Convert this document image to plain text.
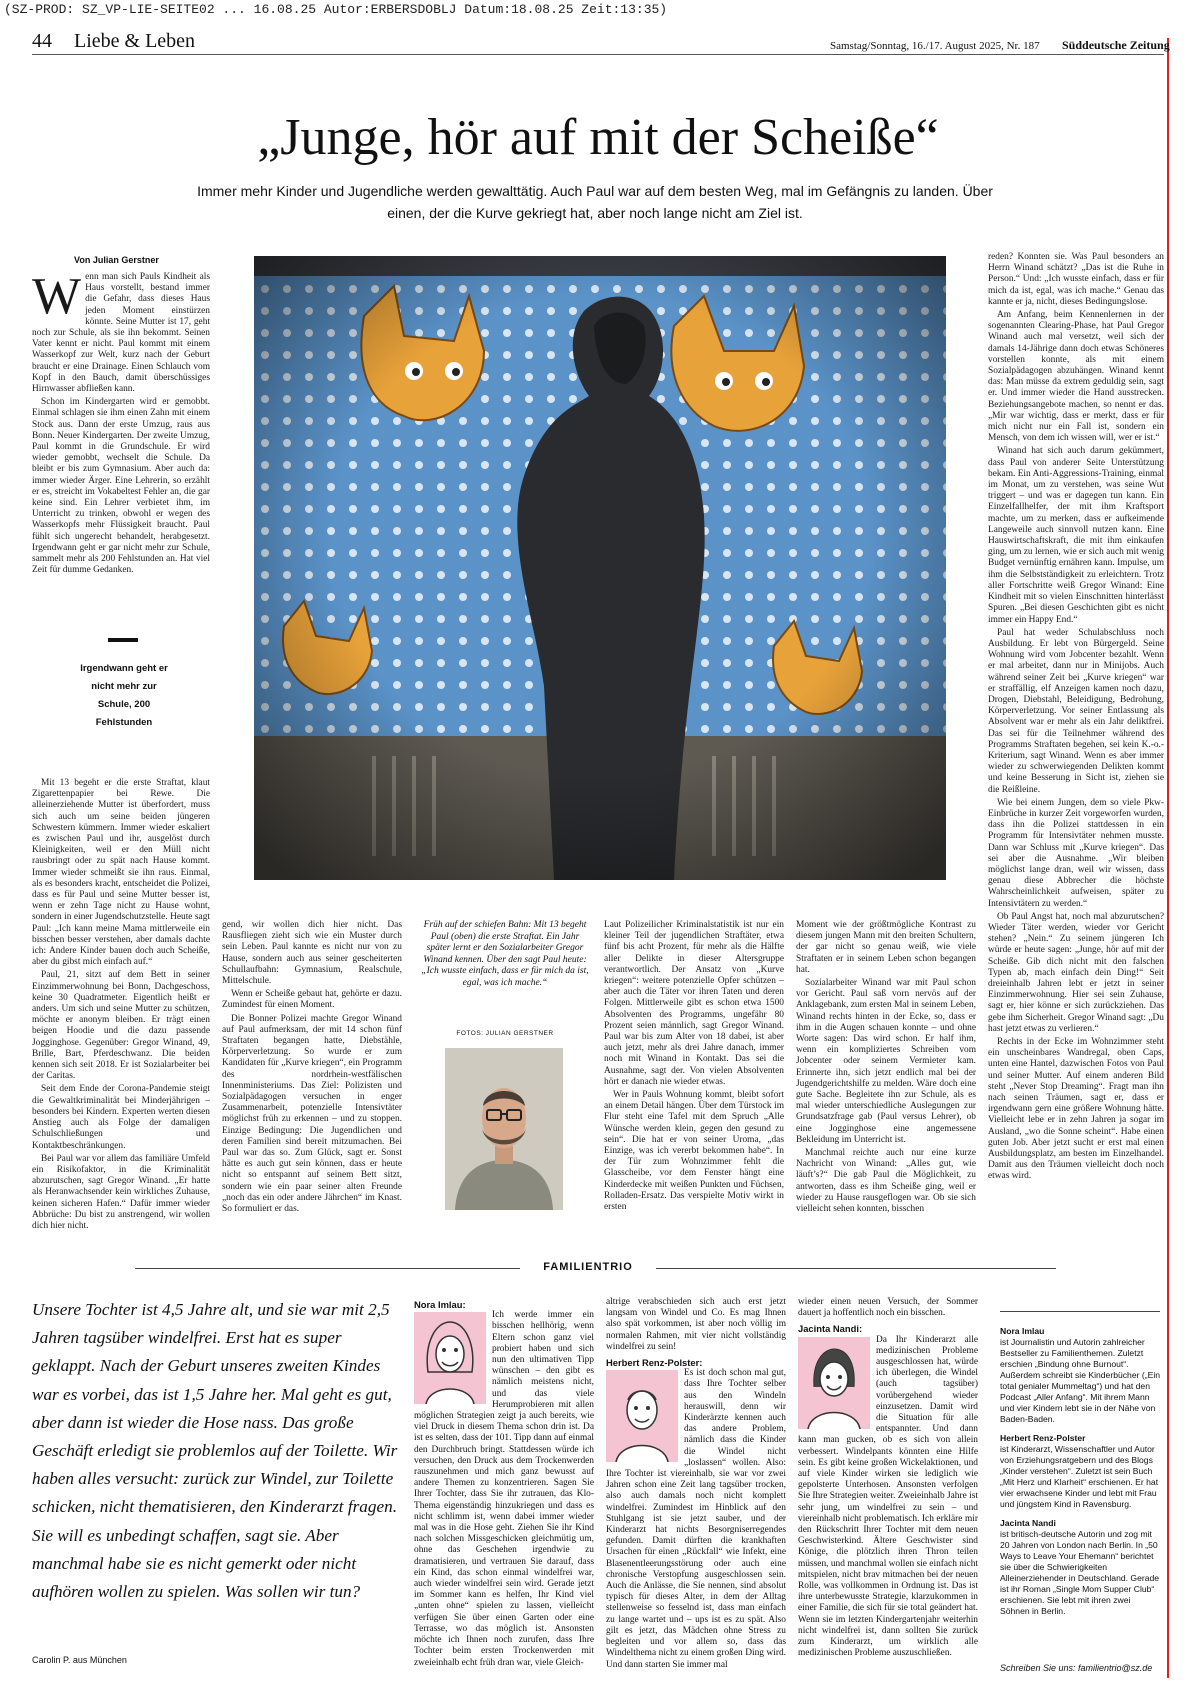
(SZ-PROD: SZ_VP-LIE-SEITE02 ... 16.08.25 Autor:ERBERSDOBLJ Datum:18.08.25 Zeit:13:35)
44 Liebe & Leben	Samstag/Sonntag, 16./17. August 2025, Nr. 187 Süddeutsche Zeitung
„Junge, hör auf mit der Scheiße“
Immer mehr Kinder und Jugendliche werden gewalttätig. Auch Paul war auf dem besten Weg, mal im Gefängnis zu landen. Über einen, der die Kurve gekriegt hat, aber noch lange nicht am Ziel ist.
Von Julian Gerstner

Wenn man sich Pauls Kindheit als Haus vorstellt, bestand immer die Gefahr, dass dieses Haus jeden Moment einstürzen könnte. Seine Mutter ist 17, geht noch zur Schule, als sie ihn bekommt. Seinen Vater kennt er nicht. Paul kommt mit einem Wasserkopf zur Welt, kurz nach der Geburt braucht er eine Drainage. Einen Schlauch vom Kopf in den Bauch, damit überschüssiges Hirnwasser abfließen kann.

Schon im Kindergarten wird er gemobbt. Einmal schlagen sie ihm einen Zahn mit einem Stock aus. Dann der erste Umzug, raus aus Bonn. Neuer Kindergarten. Der zweite Umzug, Paul kommt in die Grundschule. Er wird wieder gemobbt, wechselt die Schule. Da bleibt er bis zum Gymnasium. Aber auch da: immer wieder Ärger. Eine Lehrerin, so erzählt er es, streicht im Vokabeltest Fehler an, die gar keine sind. Ein Lehrer verbietet ihm, im Unterricht zu trinken, obwohl er wegen des Wasserkopfs mehr Flüssigkeit braucht. Paul fühlt sich ungerecht behandelt, herabgesetzt. Irgendwann geht er gar nicht mehr zur Schule, sammelt mehr als 200 Fehlstunden an. Hat viel Zeit für dumme Gedanken.

Irgendwann geht er nicht mehr zur Schule, 200 Fehlstunden

Mit 13 begeht er die erste Straftat, klaut Zigarettenpapier bei Rewe. Die alleinerziehende Mutter ist überfordert, muss sich auch um seine beiden jüngeren Schwestern kümmern. Immer wieder eskaliert es zwischen Paul und ihr, ausgelöst durch Kleinigkeiten, weil er den Müll nicht rausbringt oder zu spät nach Hause kommt. Immer wieder schmeißt sie ihn raus. Einmal, als es besonders kracht, entscheidet die Polizei, dass es für Paul und seine Mutter besser ist, wenn er zehn Tage nicht zu Hause wohnt, sondern in einer Jugendschutzstelle. Heute sagt Paul: „Ich kann meine Mama mittlerweile ein bisschen besser verstehen, aber damals dachte ich: Andere Kinder bauen doch auch Scheiße, aber du gibst mich einfach auf.“

Paul, 21, sitzt auf dem Bett in seiner Einzimmerwohnung bei Bonn, Dachgeschoss, keine 30 Quadratmeter. Eigentlich heißt er anders. Um sich und seine Mutter zu schützen, möchte er anonym bleiben. Er trägt einen beigen Hoodie und die dazu passende Jogginghose. Gegenüber: Gregor Winand, 49, Brille, Bart, Pferdeschwanz. Die beiden kennen sich seit 2018. Er ist Sozialarbeiter bei der Caritas.

Seit dem Ende der Corona-Pandemie steigt die Gewaltkriminalität bei Minderjährigen – besonders bei Kindern. Experten werten diesen Anstieg auch als Folge der damaligen Schulschließungen und Kontaktbeschränkungen.

Bei Paul war vor allem das familiäre Umfeld ein Risikofaktor, in die Kriminalität abzurutschen, sagt Gregor Winand. „Er hatte als Heranwachsender kein wirkliches Zuhause, keinen sicheren Hafen.“ Dafür immer wieder Abbrüche: Du bist zu anstrengend, wir wollen dich hier nicht.

gend, wir wollen dich hier nicht. Das Rausfliegen zieht sich wie ein Muster durch sein Leben. Paul kannte es nicht nur von zu Hause, sondern auch aus seiner gescheiterten Schullaufbahn: Gymnasium, Realschule, Mittelschule.

Wenn er Scheiße gebaut hat, gehörte er dazu. Zumindest für einen Moment.

Die Bonner Polizei machte Gregor Winand auf Paul aufmerksam, der mit 14 schon fünf Straftaten begangen hatte, Diebstähle, Körperverletzung. So wurde er zum Kandidaten für „Kurve kriegen“, ein Programm des nordrhein-westfälischen Innenministeriums. Das Ziel: Polizisten und Sozialpädagogen versuchen in enger Zusammenarbeit, potenzielle Intensivtäter möglichst früh zu erkennen – und zu stoppen. Einzige Bedingung: Die Jugendlichen und deren Familien sind bereit mitzumachen. Bei Paul war das so. Zum Glück, sagt er. Sonst hätte es auch gut sein können, dass er heute nicht so entspannt auf seinem Bett sitzt, sondern wie ein paar seiner alten Freunde „noch das ein oder andere Jährchen“ im Knast. So formuliert er das.

Früh auf der schiefen Bahn: Mit 13 begeht Paul (oben) die erste Straftat. Ein Jahr später lernt er den Sozialarbeiter Gregor Winand kennen. Über den sagt Paul heute: „Ich wusste einfach, dass er für mich da ist, egal, was ich mache.“
FOTOS: JULIAN GERSTNER

Laut Polizeilicher Kriminalstatistik ist nur ein kleiner Teil der jugendlichen Straftäter, etwa fünf bis acht Prozent, für mehr als die Hälfte aller Delikte in dieser Altersgruppe verantwortlich. Der Ansatz von „Kurve kriegen“: weitere potenzielle Opfer schützen – aber auch die Täter vor ihren Taten und deren Folgen. Mittlerweile gibt es schon etwa 1500 Absolventen des Programms, ungefähr 80 Prozent seien männlich, sagt Gregor Winand. Paul war bis zum Alter von 18 dabei, ist aber auch jetzt, mehr als drei Jahre danach, immer noch mit Winand in Kontakt. Das sei die Ausnahme, sagt der. Von vielen Absolventen hört er danach nie wieder etwas.

Wer in Pauls Wohnung kommt, bleibt sofort an einem Detail hängen. Über dem Türstock im Flur steht eine Tafel mit dem Spruch „Alle Wünsche werden klein, gegen den gesund zu sein“. Die hat er von seiner Uroma, „das Einzige, was ich vererbt bekommen habe“. In der Tür zum Wohnzimmer fehlt die Glasscheibe, vor dem Fenster hängt eine Kinderdecke mit weißen Punkten und Füchsen, Rolladen-Ersatz. Das verspielte Motiv wirkt in ersten

Moment wie der größtmögliche Kontrast zu diesem jungen Mann mit den breiten Schultern, der gar nicht so genau weiß, wie viele Straftaten er in seinem Leben schon begangen hat.

Sozialarbeiter Winand war mit Paul schon vor Gericht. Paul saß vorn nervös auf der Anklagebank, zum ersten Mal in seinem Leben, Winand rechts hinten in der Ecke, so, dass er ihm in die Augen schauen konnte – und ohne Worte sagen: Das wird schon. Er half ihm, wenn ein kompliziertes Schreiben vom Jobcenter oder seinem Vermieter kam. Erinnerte ihn, sich jetzt endlich mal bei der Jugendgerichtshilfe zu melden. Wäre doch eine gute Sache. Begleitete ihn zur Schule, als es mal wieder unterschiedliche Auslegungen zur Grundsatzfrage gab (Paul versus Lehrer), ob eine Jogginghose eine angemessene Bekleidung im Unterricht ist.

Manchmal reichte auch nur eine kurze Nachricht von Winand: „Alles gut, wie läuft’s?“ Die gab Paul die Möglichkeit, zu antworten, dass es ihm Scheiße ging, weil er wieder zu Hause rausgeflogen war. Ob sie sich vielleicht sehen konnten, bisschen

reden? Konnten sie. Was Paul besonders an Herrn Winand schätzt? „Das ist die Ruhe in Person.“ Und: „Ich wusste einfach, dass er für mich da ist, egal, was ich mache.“ Genau das kannte er ja, nicht, dieses Bedingungslose.

Am Anfang, beim Kennenlernen in der sogenannten Clearing-Phase, hat Paul Gregor Winand auch mal versetzt, weil sich der damals 14-Jährige dann doch etwas Schöneres vorstellen konnte, als mit einem Sozialpädagogen abzuhängen. Winand kennt das: Man müsse da extrem geduldig sein, sagt er. Und immer wieder die Hand ausstrecken. Beziehungsangebote machen, so nennt er das. „Mir war wichtig, dass er merkt, dass er für mich nicht nur ein Fall ist, sondern ein Mensch, von dem ich wissen will, wer er ist.“

Winand hat sich auch darum gekümmert, dass Paul von anderer Seite Unterstützung bekam. Ein Anti-Aggressions-Training, einmal im Monat, um zu verstehen, was seine Wut triggert – und was er dagegen tun kann. Ein Einzelfallhelfer, der mit ihm Kraftsport machte, um zu merken, dass er aufkeimende Langeweile auch sinnvoll nutzen kann. Eine Hauswirtschaftskraft, die mit ihm einkaufen ging, um zu lernen, wie er sich auch mit wenig Budget vernünftig ernähren kann. Impulse, um ihm die Selbstständigkeit zu erleichtern. Trotz aller Fortschritte weiß Gregor Winand: Eine Kindheit mit so vielen Einschnitten hinterlässt Spuren. „Bei diesen Geschichten gibt es nicht immer ein Happy End.“

Paul hat weder Schulabschluss noch Ausbildung. Er lebt von Bürgergeld. Seine Wohnung wird vom Jobcenter bezahlt. Wenn er mal arbeitet, dann nur in Minijobs. Auch während seiner Zeit bei „Kurve kriegen“ war er straffällig, elf Anzeigen kamen noch dazu, Drogen, Diebstahl, Beleidigung, Bedrohung, Körperverletzung. Vor seiner Entlassung als Absolvent war er mehr als ein Jahr deliktfrei. Das sei für die Teilnehmer während des Programms Straftaten begehen, sei kein K.-o.-Kriterium, sagt Winand. Wenn es aber immer wieder zu schwerwiegenden Delikten kommt und keine Besserung in Sicht ist, ziehen sie die Reißleine.

Wie bei einem Jungen, dem so viele Pkw-Einbrüche in kurzer Zeit vorgeworfen wurden, dass ihn die Polizei stattdessen in ein Programm für Intensivtäter nehmen musste. Dann war Schluss mit „Kurve kriegen“. Das sei aber die Ausnahme. „Wir bleiben möglichst lange dran, weil wir wissen, dass genau diese Abbrecher die höchste Wahrscheinlichkeit aufweisen, später zu Intensivtätern zu werden.“

Ob Paul Angst hat, noch mal abzurutschen? Wieder Täter werden, wieder vor Gericht stehen? „Nein.“ Zu seinem jüngeren Ich würde er heute sagen: „Junge, hör auf mit der Scheiße. Gib dich nicht mit den falschen Typen ab, mach einfach dein Ding!“ Seit dreieinhalb Jahren lebt er jetzt in seiner Einzimmerwohnung. Hier sei sein Zuhause, sagt er, hier könne er sich zurückziehen. Das gebe ihm Sicherheit. Gregor Winand sagt: „Du hast jetzt etwas zu verlieren.“

Rechts in der Ecke im Wohnzimmer steht ein unscheinbares Wandregal, oben Caps, unten eine Hantel, dazwischen Fotos von Paul und seiner Mutter. Auf einem anderen Bild steht „Never Stop Dreaming“. Fragt man ihn nach seinen Träumen, sagt er, dass er irgendwann gern eine größere Wohnung hätte. Vielleicht lebe er in zehn Jahren ja sogar im Ausland, „wo die Sonne scheint“. Habe einen guten Job. Aber jetzt sucht er erst mal einen Ausbildungsplatz, am besten im Einzelhandel. Damit aus den Träumen vielleicht doch noch etwas wird.

FAMILIENTRIO
Unsere Tochter ist 4,5 Jahre alt, und sie war mit 2,5 Jahren tagsüber windelfrei. Erst hat es super geklappt. Nach der Geburt unseres zweiten Kindes war es vorbei, das ist 1,5 Jahre her. Mal geht es gut, aber dann ist wieder die Hose nass. Das große Geschäft erledigt sie problemlos auf der Toilette. Wir haben alles versucht: zurück zur Windel, zur Toilette schicken, nicht thematisieren, den Kinderarzt fragen. Sie will es unbedingt schaffen, sagt sie. Aber manchmal habe sie es nicht gemerkt oder nicht aufhören wollen zu spielen. Was sollen wir tun?
Carolin P. aus München
Nora Imlau:

Ich werde immer ein bisschen hellhörig, wenn Eltern schon ganz viel probiert haben und sich nun den ultimativen Tipp wünschen – den gibt es nämlich meistens nicht, und das viele Herumprobieren mit allen möglichen Strategien zeigt ja auch bereits, wie viel Druck in diesem Thema schon drin ist. Da ist es selten, dass der 101. Tipp dann auf einmal den Durchbruch bringt. Stattdessen würde ich versuchen, den Druck aus dem Trockenwerden rauszunehmen und mich ganz bewusst auf andere Themen zu konzentrieren. Sagen Sie Ihrer Tochter, dass Sie ihr zutrauen, das Klo-Thema eigenständig hinzukriegen und dass es nicht schlimm ist, wenn dabei immer wieder mal was in die Hose geht. Ziehen Sie ihr Kind nach solchen Missgeschicken gleichmütig um, ohne das Geschehen irgendwie zu dramatisieren, und vertrauen Sie darauf, dass ein Kind, das schon einmal windelfrei war, auch wieder windelfrei sein wird. Gerade jetzt im Sommer kann es helfen, Ihr Kind viel „unten ohne“ spielen zu lassen, vielleicht verfügen Sie über einen Garten oder eine Terrasse, wo das möglich ist. Ansonsten möchte ich Ihnen noch zurufen, dass Ihre Tochter beim ersten Trockenwerden mit zweieinhalb echt früh dran war, viele Gleich-

altrige verabschieden sich auch erst jetzt langsam von Windel und Co. Es mag Ihnen also spät vorkommen, ist aber noch völlig im normalen Rahmen, mit vier nicht vollständig windelfrei zu sein!

Herbert Renz-Polster:

Es ist doch schon mal gut, dass Ihre Tochter selber aus den Windeln herauswill, denn wir Kinderärzte kennen auch das andere Problem, nämlich dass die Kinder die Windel nicht „loslassen“ wollen. Also: Ihre Tochter ist viereinhalb, sie war vor zwei Jahren schon eine Zeit lang tagsüber trocken, also auch damals noch nicht komplett windelfrei. Zumindest im Hinblick auf den Stuhlgang ist sie jetzt sauber, und der Kinderarzt hat nichts Besorgniserregendes gefunden. Damit dürften die krankhaften Ursachen für einen „Rückfall“ wie Infekt, eine Blasenentleerungsstörung oder auch eine chronische Verstopfung ausgeschlossen sein. Auch die Anlässe, die Sie nennen, sind absolut typisch für dieses Alter, in dem der Alltag stellenweise so fesselnd ist, dass man einfach zu lange wartet und – ups ist es zu spät. Also gilt es jetzt, das Mädchen ohne Stress zu begleiten und vor allem so, dass das Windelthema nicht zu einem großen Ding wird. Und dann starten Sie immer mal

wieder einen neuen Versuch, der Sommer dauert ja hoffentlich noch ein bisschen.

Jacinta Nandi:

Da Ihr Kinderarzt alle medizinischen Probleme ausgeschlossen hat, würde ich überlegen, die Windel (auch tagsüber) vorübergehend wieder einzusetzen. Damit wird die Situation für alle entspannter. Und dann kann man gucken, ob es sich von allein verbessert. Windelpants könnten eine Hilfe sein. Es gibt keine großen Wickelaktionen, und auf viele Kinder wirken sie lediglich wie gepolsterte Unterhosen. Ansonsten verfolgen Sie Ihre Strategien weiter. Zweieinhalb Jahre ist sehr jung, um windelfrei zu sein – und viereinhalb nicht problematisch. Ich erkläre mir den Rückschritt Ihrer Tochter mit dem neuen Geschwisterkind. Ältere Geschwister sind Könige, die plötzlich ihren Thron teilen müssen, und manchmal wollen sie einfach nicht mitspielen, nicht brav mitmachen bei der neuen Rolle, was vollkommen in Ordnung ist. Das ist ihre unterbewusste Strategie, klarzukommen in einer Familie, die sich für sie total geändert hat. Wenn sie im letzten Kindergartenjahr weiterhin nicht windelfrei ist, dann sollten Sie zurück zum Kinderarzt, um wirklich alle medizinischen Probleme auszuschließen.

Nora Imlau
ist Journalistin und Autorin zahlreicher Bestseller zu Familienthemen. Zuletzt erschien „Bindung ohne Burnout“. Außerdem schreibt sie Kinderbücher („Ein total genialer Mummeltag“) und hat den Podcast „Aller Anfang“. Mit ihrem Mann und vier Kindern lebt sie in der Nähe von Baden-Baden.
Herbert Renz-Polster
ist Kinderarzt, Wissenschaftler und Autor von Erziehungsratgebern und des Blogs „Kinder verstehen“. Zuletzt ist sein Buch „Mit Herz und Klarheit“ erschienen. Er hat vier erwachsene Kinder und lebt mit Frau und jüngstem Kind in Ravensburg.
Jacinta Nandi
ist britisch-deutsche Autorin und zog mit 20 Jahren von London nach Berlin. In „50 Ways to Leave Your Ehemann“ berichtet sie über die Schwierigkeiten Alleinerziehender in Deutschland. Gerade ist ihr Roman „Single Mom Supper Club“ erschienen. Sie lebt mit ihren zwei Söhnen in Berlin.
Schreiben Sie uns: familientrio@sz.de
